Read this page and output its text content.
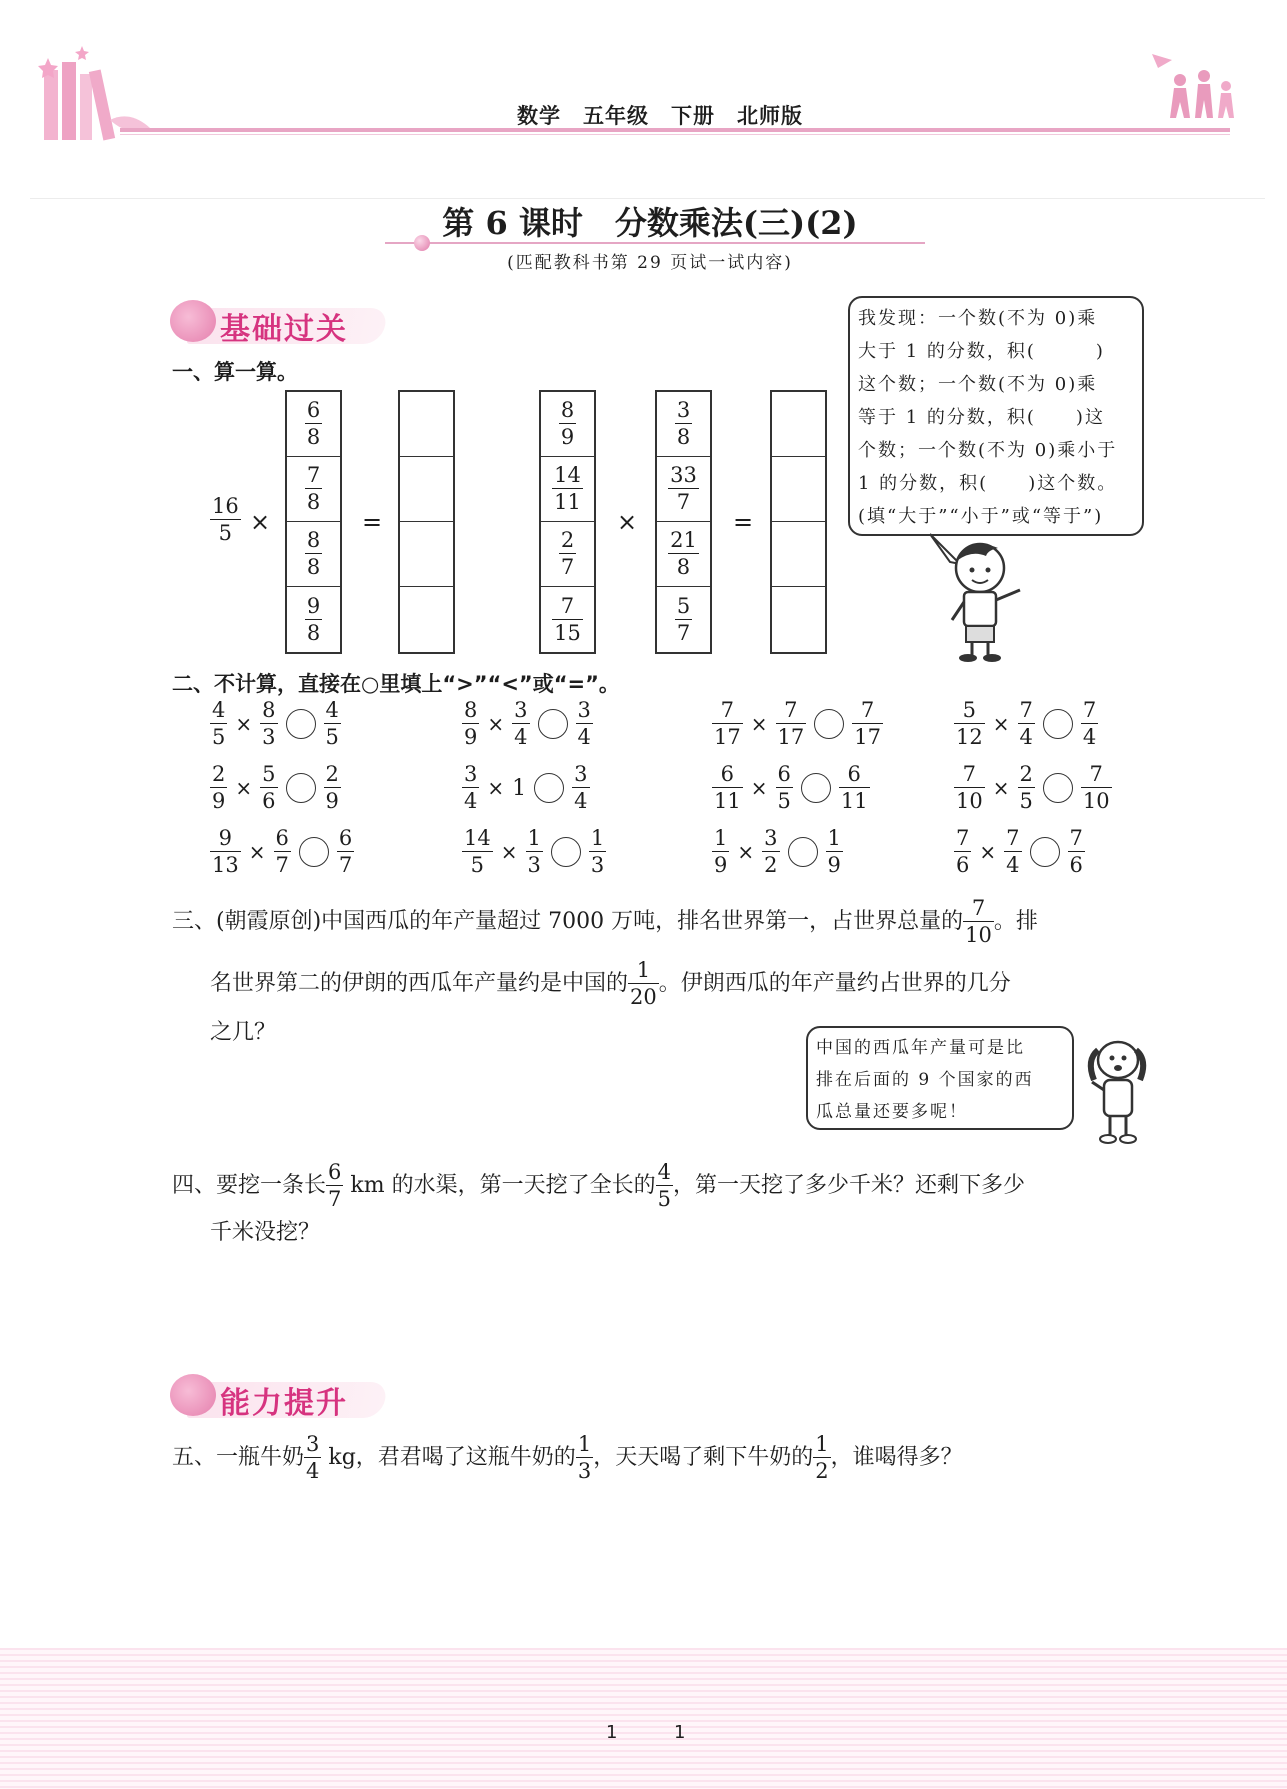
数学　五年级　下册　北师版
第 6 课时　分数乘法(三)(2)
(匹配教科书第 29 页试一试内容)
基础过关
一、算一算。
$\frac{16}{5}$ ×
$\frac{6}{8}$
$\frac{7}{8}$
$\frac{8}{8}$
$\frac{9}{8}$
=
$\frac{8}{9}$
$\frac{14}{11}$
$\frac{2}{7}$
$\frac{7}{15}$
×
$\frac{3}{8}$
$\frac{33}{7}$
$\frac{21}{8}$
$\frac{5}{7}$
=
我发现：一个数(不为 0)乘
大于 1 的分数，积(　　　)
这个数；一个数(不为 0)乘
等于 1 的分数，积(　　)这
个数；一个数(不为 0)乘小于
1 的分数，积(　　)这个数。
(填“大于”“小于”或“等于”)
二、不计算，直接在○里填上“>”“<”或“=”。
$\frac{4}{5} \times \frac{8}{3} \frac{4}{5}$	$\frac{8}{9} \times \frac{3}{4} \frac{3}{4}$	$\frac{7}{17} \times \frac{7}{17} \frac{7}{17}$	$\frac{5}{12} \times \frac{7}{4} \frac{7}{4}$
$\frac{2}{9} \times \frac{5}{6} \frac{2}{9}$	$\frac{3}{4} \times 1 \frac{3}{4}$	$\frac{6}{11} \times \frac{6}{5} \frac{6}{11}$	$\frac{7}{10} \times \frac{2}{5} \frac{7}{10}$
$\frac{9}{13} \times \frac{6}{7} \frac{6}{7}$	$\frac{14}{5} \times \frac{1}{3} \frac{1}{3}$	$\frac{1}{9} \times \frac{3}{2} \frac{1}{9}$	$\frac{7}{6} \times \frac{7}{4} \frac{7}{6}$
三、(朝霞原创)中国西瓜的年产量超过 7000 万吨，排名世界第一，占世界总量的 $\frac{7}{10}$ 。排
名世界第二的伊朗的西瓜年产量约是中国的 $\frac{1}{20}$ 。伊朗西瓜的年产量约占世界的几分
之几？
中国的西瓜年产量可是比
排在后面的 9 个国家的西
瓜总量还要多呢！
四、要挖一条长 $\frac{6}{7}$ km 的水渠，第一天挖了全长的 $\frac{4}{5}$ ，第一天挖了多少千米？还剩下多少
千米没挖？
能力提升
五、一瓶牛奶 $\frac{3}{4}$ kg，君君喝了这瓶牛奶的 $\frac{1}{3}$ ，天天喝了剩下牛奶的 $\frac{1}{2}$ ，谁喝得多？
1	1
